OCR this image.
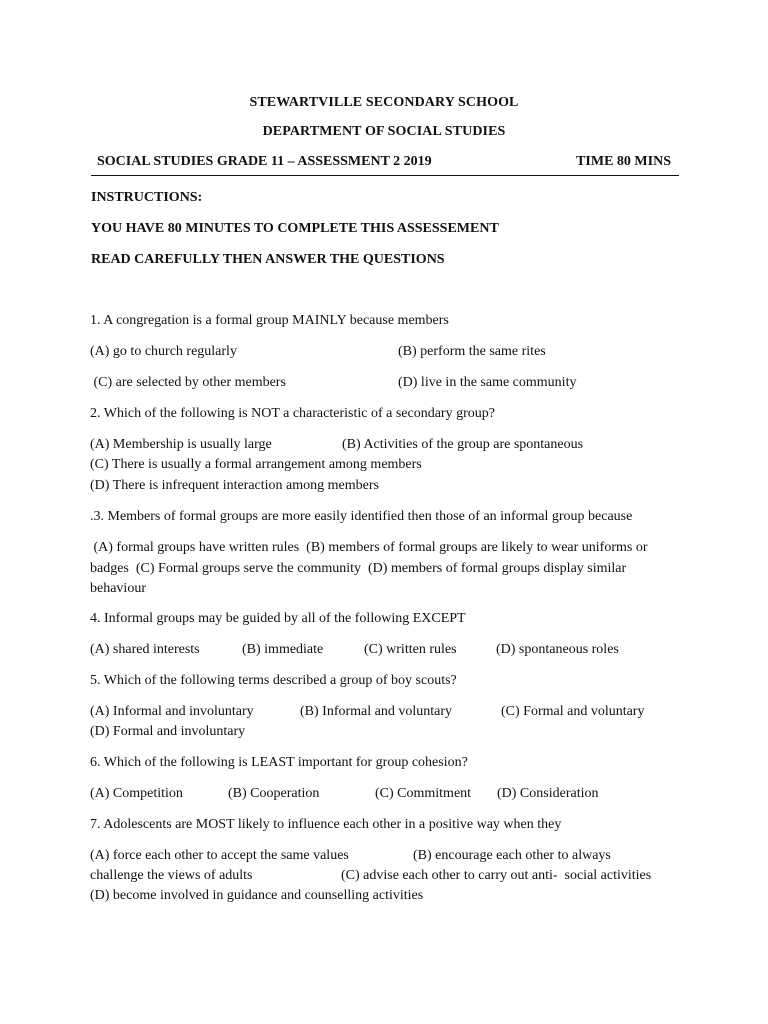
STEWARTVILLE SECONDARY SCHOOL
DEPARTMENT OF SOCIAL STUDIES
SOCIAL STUDIES GRADE 11 – ASSESSMENT 2 2019	TIME 80 MINS
INSTRUCTIONS:
YOU HAVE 80 MINUTES TO COMPLETE THIS ASSESSEMENT
READ CAREFULLY THEN ANSWER THE QUESTIONS
1. A congregation is a formal group MAINLY because members
(A) go to church regularly	(B) perform the same rites
(C) are selected by other members	(D) live in the same community
2. Which of the following is NOT a characteristic of a secondary group?
(A) Membership is usually large	(B) Activities of the group are spontaneous
(C) There is usually a formal arrangement among members
(D) There is infrequent interaction among members
.3. Members of formal groups are more easily identified then those of an informal group because
(A) formal groups have written rules  (B) members of formal groups are likely to wear uniforms or badges  (C) Formal groups serve the community  (D) members of formal groups display similar  behaviour
4. Informal groups may be guided by all of the following EXCEPT
(A) shared interests	(B) immediate	(C) written rules	(D) spontaneous roles
5. Which of the following terms described a group of boy scouts?
(A) Informal and involuntary	(B) Informal and voluntary	(C) Formal and voluntary
(D) Formal and involuntary
6. Which of the following is LEAST important for group cohesion?
(A) Competition	(B) Cooperation	(C) Commitment (D) Consideration
7. Adolescents are MOST likely to influence each other in a positive way when they
(A) force each other to accept the same values	(B) encourage each other to always
challenge the views of adults	(C) advise each other to carry out anti-  social activities
(D) become involved in guidance and counselling activities
